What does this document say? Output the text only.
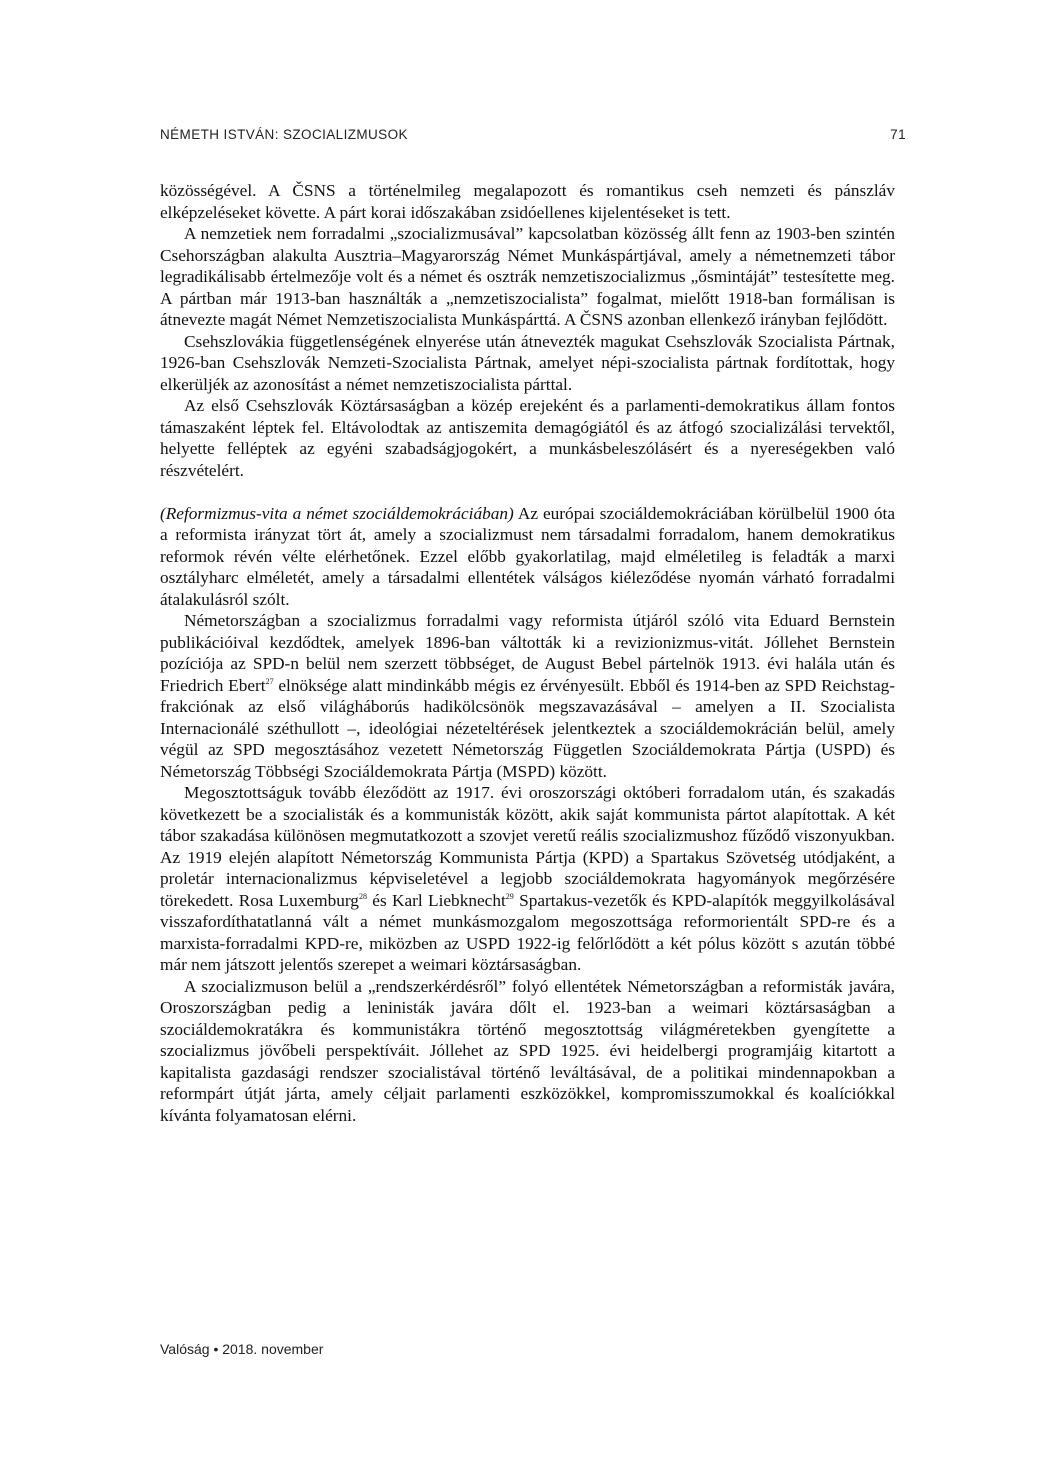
NÉMETH ISTVÁN: SZOCIALIZMUSOK	71

közösségével. A ČSNS a történelmileg megalapozott és romantikus cseh nemzeti és pánszláv elképzeléseket követte. A párt korai időszakában zsidóellenes kijelentéseket is tett.

A nemzetiek nem forradalmi „szocializmusával” kapcsolatban közösség állt fenn az 1903-ben szintén Csehországban alakulta Ausztria–Magyarország Német Munkáspártjával, amely a németnemzeti tábor legradikálisabb értelmezője volt és a német és osztrák nemzetiszocializmus „ősmintáját” testesítette meg. A pártban már 1913-ban használták a „nemzetiszocialista” fogalmat, mielőtt 1918-ban formálisan is átnevezte magát Német Nemzetiszocialista Munkáspárttá. A ČSNS azonban ellenkező irányban fejlődött.

Csehszlovákia függetlenségének elnyerése után átnevezték magukat Csehszlovák Szocialista Pártnak, 1926-ban Csehszlovák Nemzeti-Szocialista Pártnak, amelyet népi-szocialista pártnak fordítottak, hogy elkerüljék az azonosítást a német nemzetiszocialista párttal.

Az első Csehszlovák Köztársaságban a közép erejeként és a parlamenti-demokratikus állam fontos támaszaként léptek fel. Eltávolodtak az antiszemita demagógiától és az átfogó szocializálási tervektől, helyette felléptek az egyéni szabadságjogokért, a munkásbeleszólásért és a nyereségekben való részvételért.

(Reformizmus-vita a német szociáldemokráciában) Az európai szociáldemokráciában körülbelül 1900 óta a reformista irányzat tört át, amely a szocializmust nem társadalmi forradalom, hanem demokratikus reformok révén vélte elérhetőnek. Ezzel előbb gyakorlatilag, majd elméletileg is feladták a marxi osztályharc elméletét, amely a társadalmi ellentétek válságos kiéleződése nyomán várható forradalmi átalakulásról szólt.

Németországban a szocializmus forradalmi vagy reformista útjáról szóló vita Eduard Bernstein publikációival kezdődtek, amelyek 1896-ban váltották ki a revizionizmus-vitát. Jóllehet Bernstein pozíciója az SPD-n belül nem szerzett többséget, de August Bebel pártelnök 1913. évi halála után és Friedrich Ebert$^{27}$ elnöksége alatt mindinkább mégis ez érvényesült. Ebből és 1914-ben az SPD Reichstag-frakciónak az első világháborús hadikölcsönök megszavazásával – amelyen a II. Szocialista Internacionálé széthullott –, ideológiai nézeteltérések jelentkeztek a szociáldemokrácián belül, amely végül az SPD megosztásához vezetett Németország Független Szociáldemokrata Pártja (USPD) és Németország Többségi Szociáldemokrata Pártja (MSPD) között.

Megosztottságuk tovább éleződött az 1917. évi oroszországi októberi forradalom után, és szakadás következett be a szocialisták és a kommunisták között, akik saját kommunista pártot alapítottak. A két tábor szakadása különösen megmutatkozott a szovjet veretű reális szocializmushoz fűződő viszonyukban. Az 1919 elején alapított Németország Kommunista Pártja (KPD) a Spartakus Szövetség utódjaként, a proletár internacionalizmus képviseletével a legjobb szociáldemokrata hagyományok megőrzésére törekedett. Rosa Luxemburg$^{28}$ és Karl Liebknecht$^{29}$ Spartakus-vezetők és KPD-alapítók meggyilkolásával visszafordíthatatlanná vált a német munkásmozgalom megoszottsága reformorientált SPD-re és a marxista-forradalmi KPD-re, miközben az USPD 1922-ig felőrlődött a két pólus között s azután többé már nem játszott jelentős szerepet a weimari köztársaságban.

A szocializmuson belül a „rendszerkérdésről” folyó ellentétek Németországban a reformisták javára, Oroszországban pedig a leninisták javára dőlt el. 1923-ban a weimari köztársaságban a szociáldemokratákra és kommunistákra történő megosztottság világméretekben gyengítette a szocializmus jövőbeli perspektíváit. Jóllehet az SPD 1925. évi heidelbergi programjáig kitartott a kapitalista gazdasági rendszer szocialistával történő leváltásával, de a politikai mindennapokban a reformpárt útját járta, amely céljait parlamenti eszközökkel, kompromisszumokkal és koalíciókkal kívánta folyamatosan elérni.

Valóság • 2018. november
